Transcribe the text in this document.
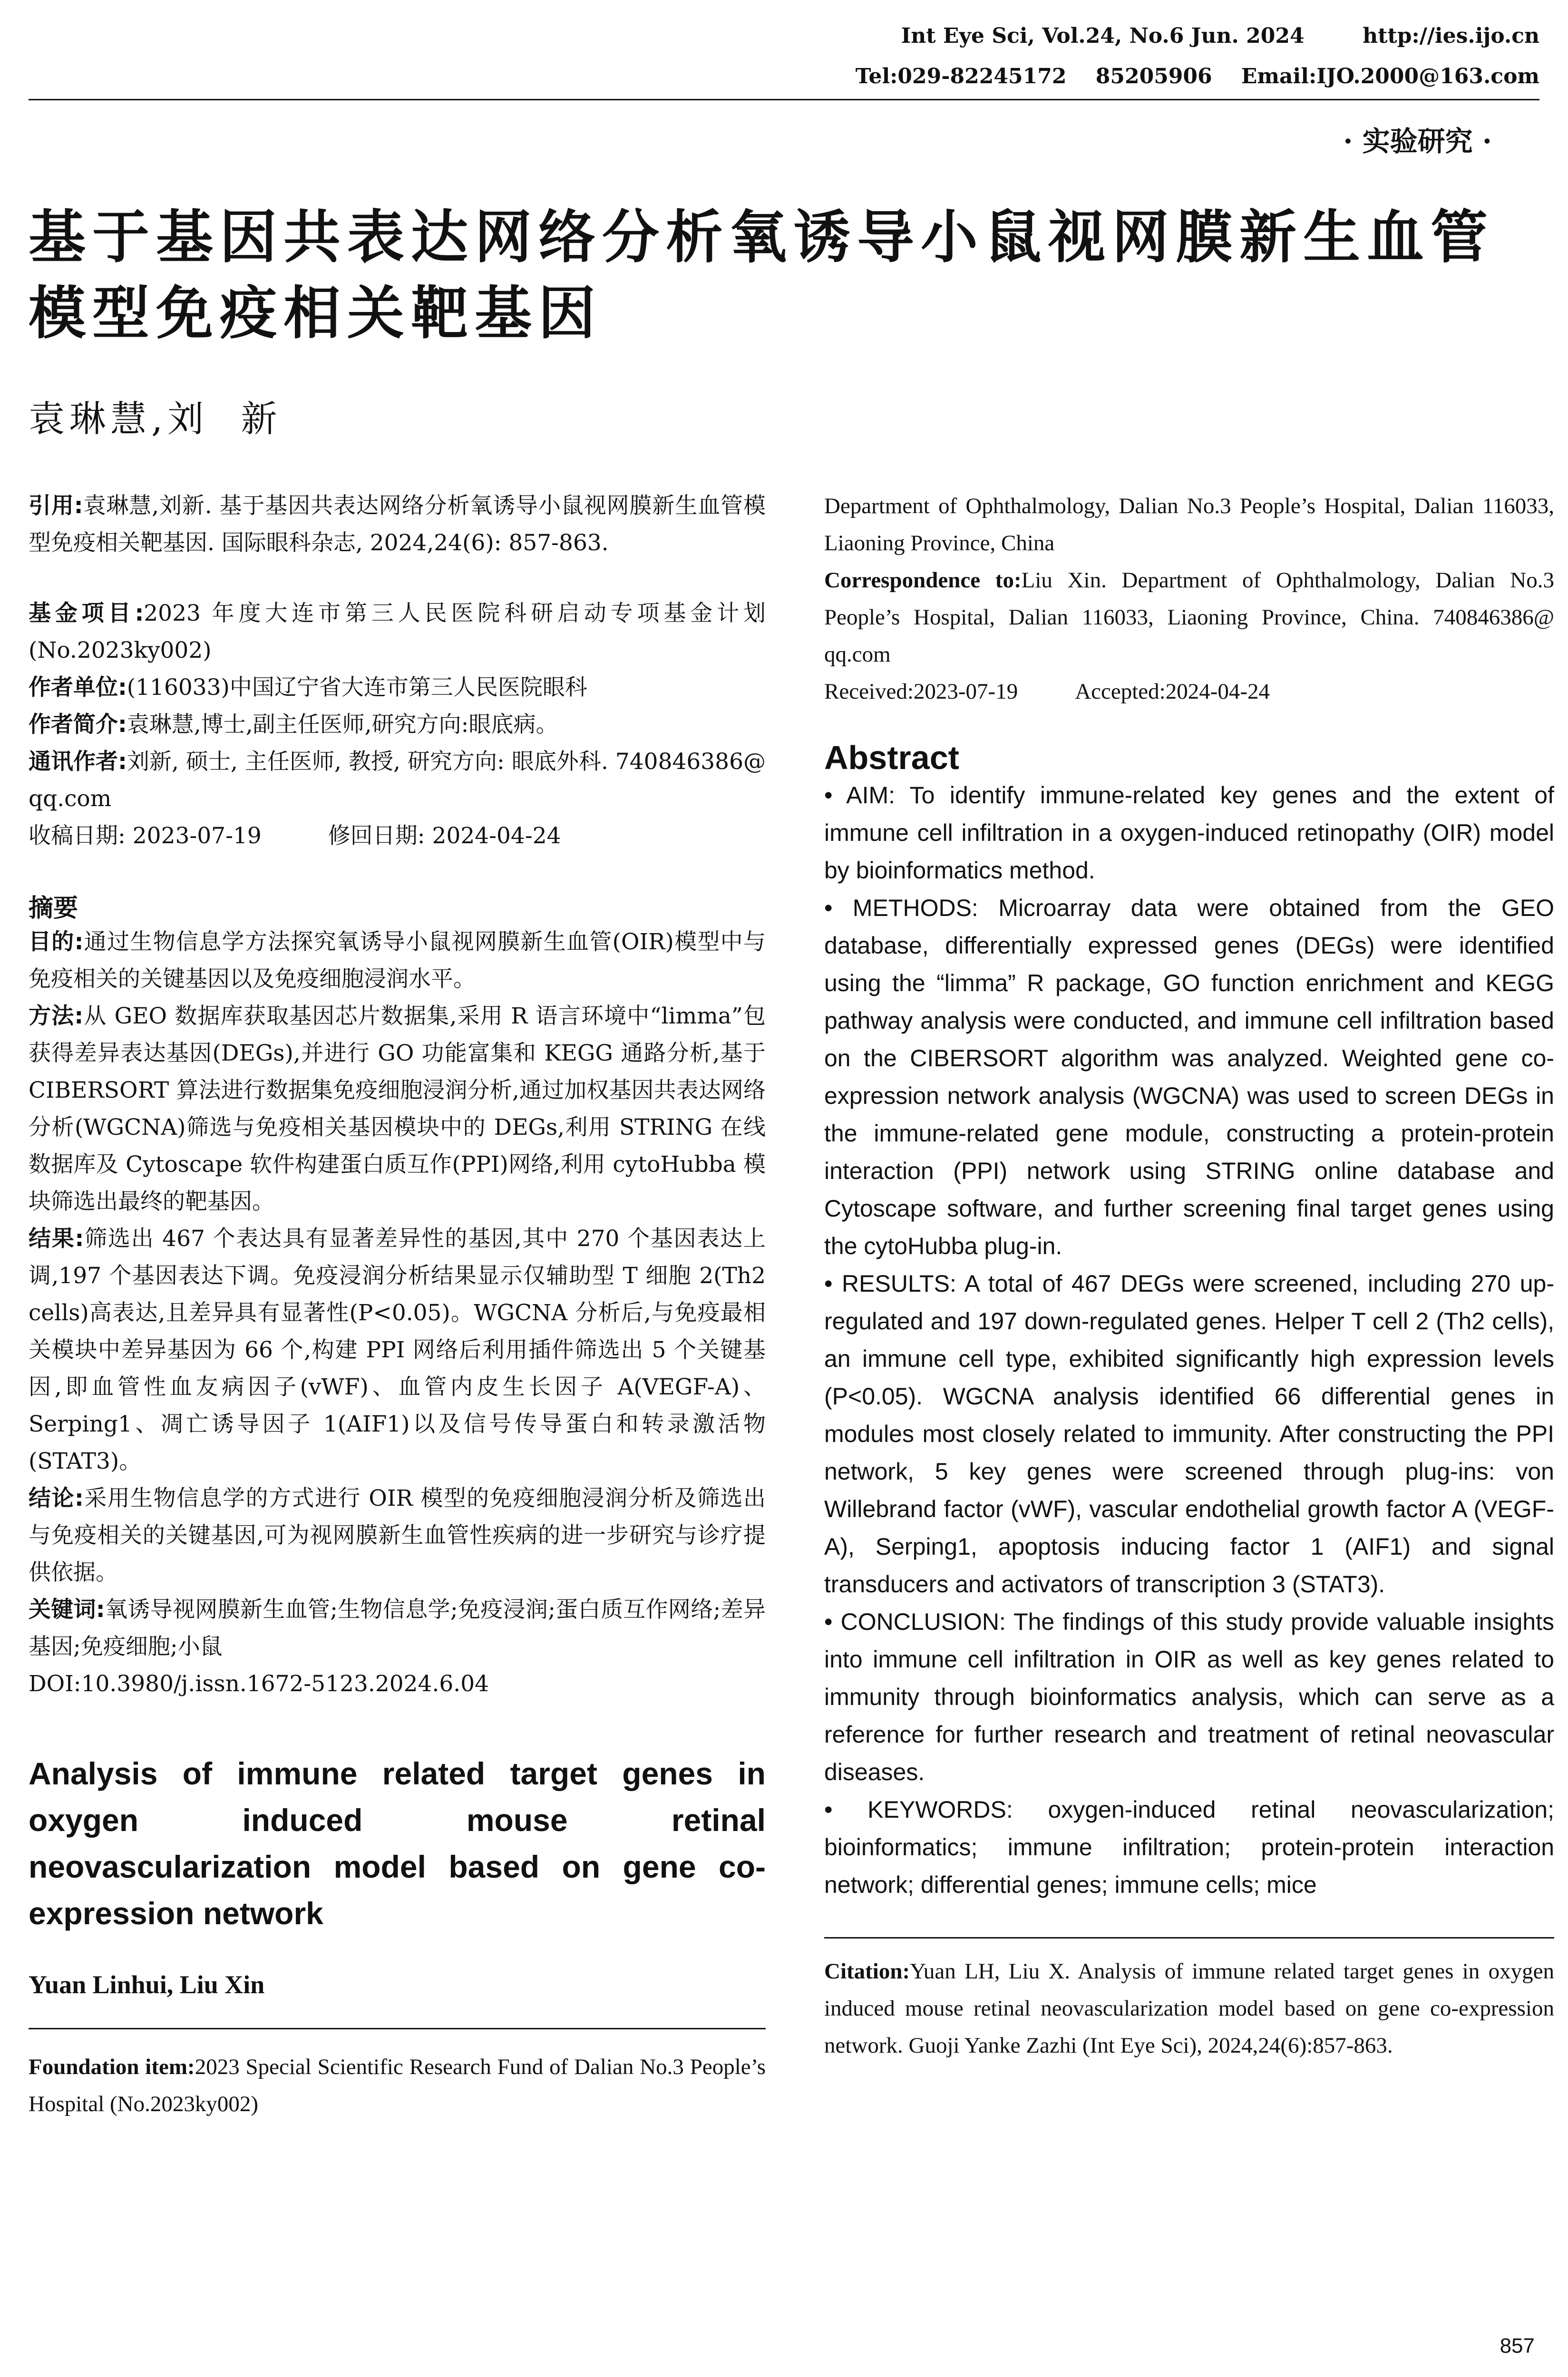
Int Eye Sci, Vol.24, No.6 Jun. 2024        http://ies.ijo.cn
Tel:029-82245172    85205906    Email:IJO.2000@163.com
· 实验研究 ·
基于基因共表达网络分析氧诱导小鼠视网膜新生血管模型免疫相关靶基因
袁琳慧,刘  新

引用:袁琳慧,刘新. 基于基因共表达网络分析氧诱导小鼠视网膜新生血管模型免疫相关靶基因. 国际眼科杂志, 2024,24(6): 857-863.

基金项目:2023 年度大连市第三人民医院科研启动专项基金计划(No.2023ky002)

作者单位:(116033)中国辽宁省大连市第三人民医院眼科

作者简介:袁琳慧,博士,副主任医师,研究方向:眼底病。

通讯作者:刘新, 硕士, 主任医师, 教授, 研究方向: 眼底外科. 740846386@ qq.com

收稿日期: 2023-07-19	修回日期: 2024-04-24

摘要

目的:通过生物信息学方法探究氧诱导小鼠视网膜新生血管(OIR)模型中与免疫相关的关键基因以及免疫细胞浸润水平。

方法:从 GEO 数据库获取基因芯片数据集,采用 R 语言环境中“limma”包获得差异表达基因(DEGs),并进行 GO 功能富集和 KEGG 通路分析,基于 CIBERSORT 算法进行数据集免疫细胞浸润分析,通过加权基因共表达网络分析(WGCNA)筛选与免疫相关基因模块中的 DEGs,利用 STRING 在线数据库及 Cytoscape 软件构建蛋白质互作(PPI)网络,利用 cytoHubba 模块筛选出最终的靶基因。

结果:筛选出 467 个表达具有显著差异性的基因,其中 270 个基因表达上调,197 个基因表达下调。免疫浸润分析结果显示仅辅助型 T 细胞 2(Th2 cells)高表达,且差异具有显著性(P<0.05)。WGCNA 分析后,与免疫最相关模块中差异基因为 66 个,构建 PPI 网络后利用插件筛选出 5 个关键基因,即血管性血友病因子(vWF)、血管内皮生长因子 A(VEGF-A)、Serping1、凋亡诱导因子 1(AIF1)以及信号传导蛋白和转录激活物(STAT3)。

结论:采用生物信息学的方式进行 OIR 模型的免疫细胞浸润分析及筛选出与免疫相关的关键基因,可为视网膜新生血管性疾病的进一步研究与诊疗提供依据。

关键词:氧诱导视网膜新生血管;生物信息学;免疫浸润;蛋白质互作网络;差异基因;免疫细胞;小鼠

DOI:10.3980/j.issn.1672-5123.2024.6.04

Analysis of immune related target genes in oxygen induced mouse retinal neovascularization model based on gene co-expression network

Yuan Linhui, Liu Xin

Foundation item:2023 Special Scientific Research Fund of Dalian No.3 People’s Hospital (No.2023ky002)

Department of Ophthalmology, Dalian No.3 People’s Hospital, Dalian 116033, Liaoning Province, China

Correspondence to:Liu Xin. Department of Ophthalmology, Dalian No.3 People’s Hospital, Dalian 116033, Liaoning Province, China. 740846386@ qq.com

Received:2023-07-19	Accepted:2024-04-24

Abstract

• AIM: To identify immune-related key genes and the extent of immune cell infiltration in a oxygen-induced retinopathy (OIR) model by bioinformatics method.

• METHODS: Microarray data were obtained from the GEO database, differentially expressed genes (DEGs) were identified using the “limma” R package, GO function enrichment and KEGG pathway analysis were conducted, and immune cell infiltration based on the CIBERSORT algorithm was analyzed. Weighted gene co-expression network analysis (WGCNA) was used to screen DEGs in the immune-related gene module, constructing a protein-protein interaction (PPI) network using STRING online database and Cytoscape software, and further screening final target genes using the cytoHubba plug-in.

• RESULTS: A total of 467 DEGs were screened, including 270 up-regulated and 197 down-regulated genes. Helper T cell 2 (Th2 cells), an immune cell type, exhibited significantly high expression levels (P<0.05). WGCNA analysis identified 66 differential genes in modules most closely related to immunity. After constructing the PPI network, 5 key genes were screened through plug-ins: von Willebrand factor (vWF), vascular endothelial growth factor A (VEGF-A), Serping1, apoptosis inducing factor 1 (AIF1) and signal transducers and activators of transcription 3 (STAT3).

• CONCLUSION: The findings of this study provide valuable insights into immune cell infiltration in OIR as well as key genes related to immunity through bioinformatics analysis, which can serve as a reference for further research and treatment of retinal neovascular diseases.

• KEYWORDS: oxygen-induced retinal neovascularization; bioinformatics; immune infiltration; protein-protein interaction network; differential genes; immune cells; mice

Citation:Yuan LH, Liu X. Analysis of immune related target genes in oxygen induced mouse retinal neovascularization model based on gene co-expression network. Guoji Yanke Zazhi (Int Eye Sci), 2024,24(6):857-863.

857
